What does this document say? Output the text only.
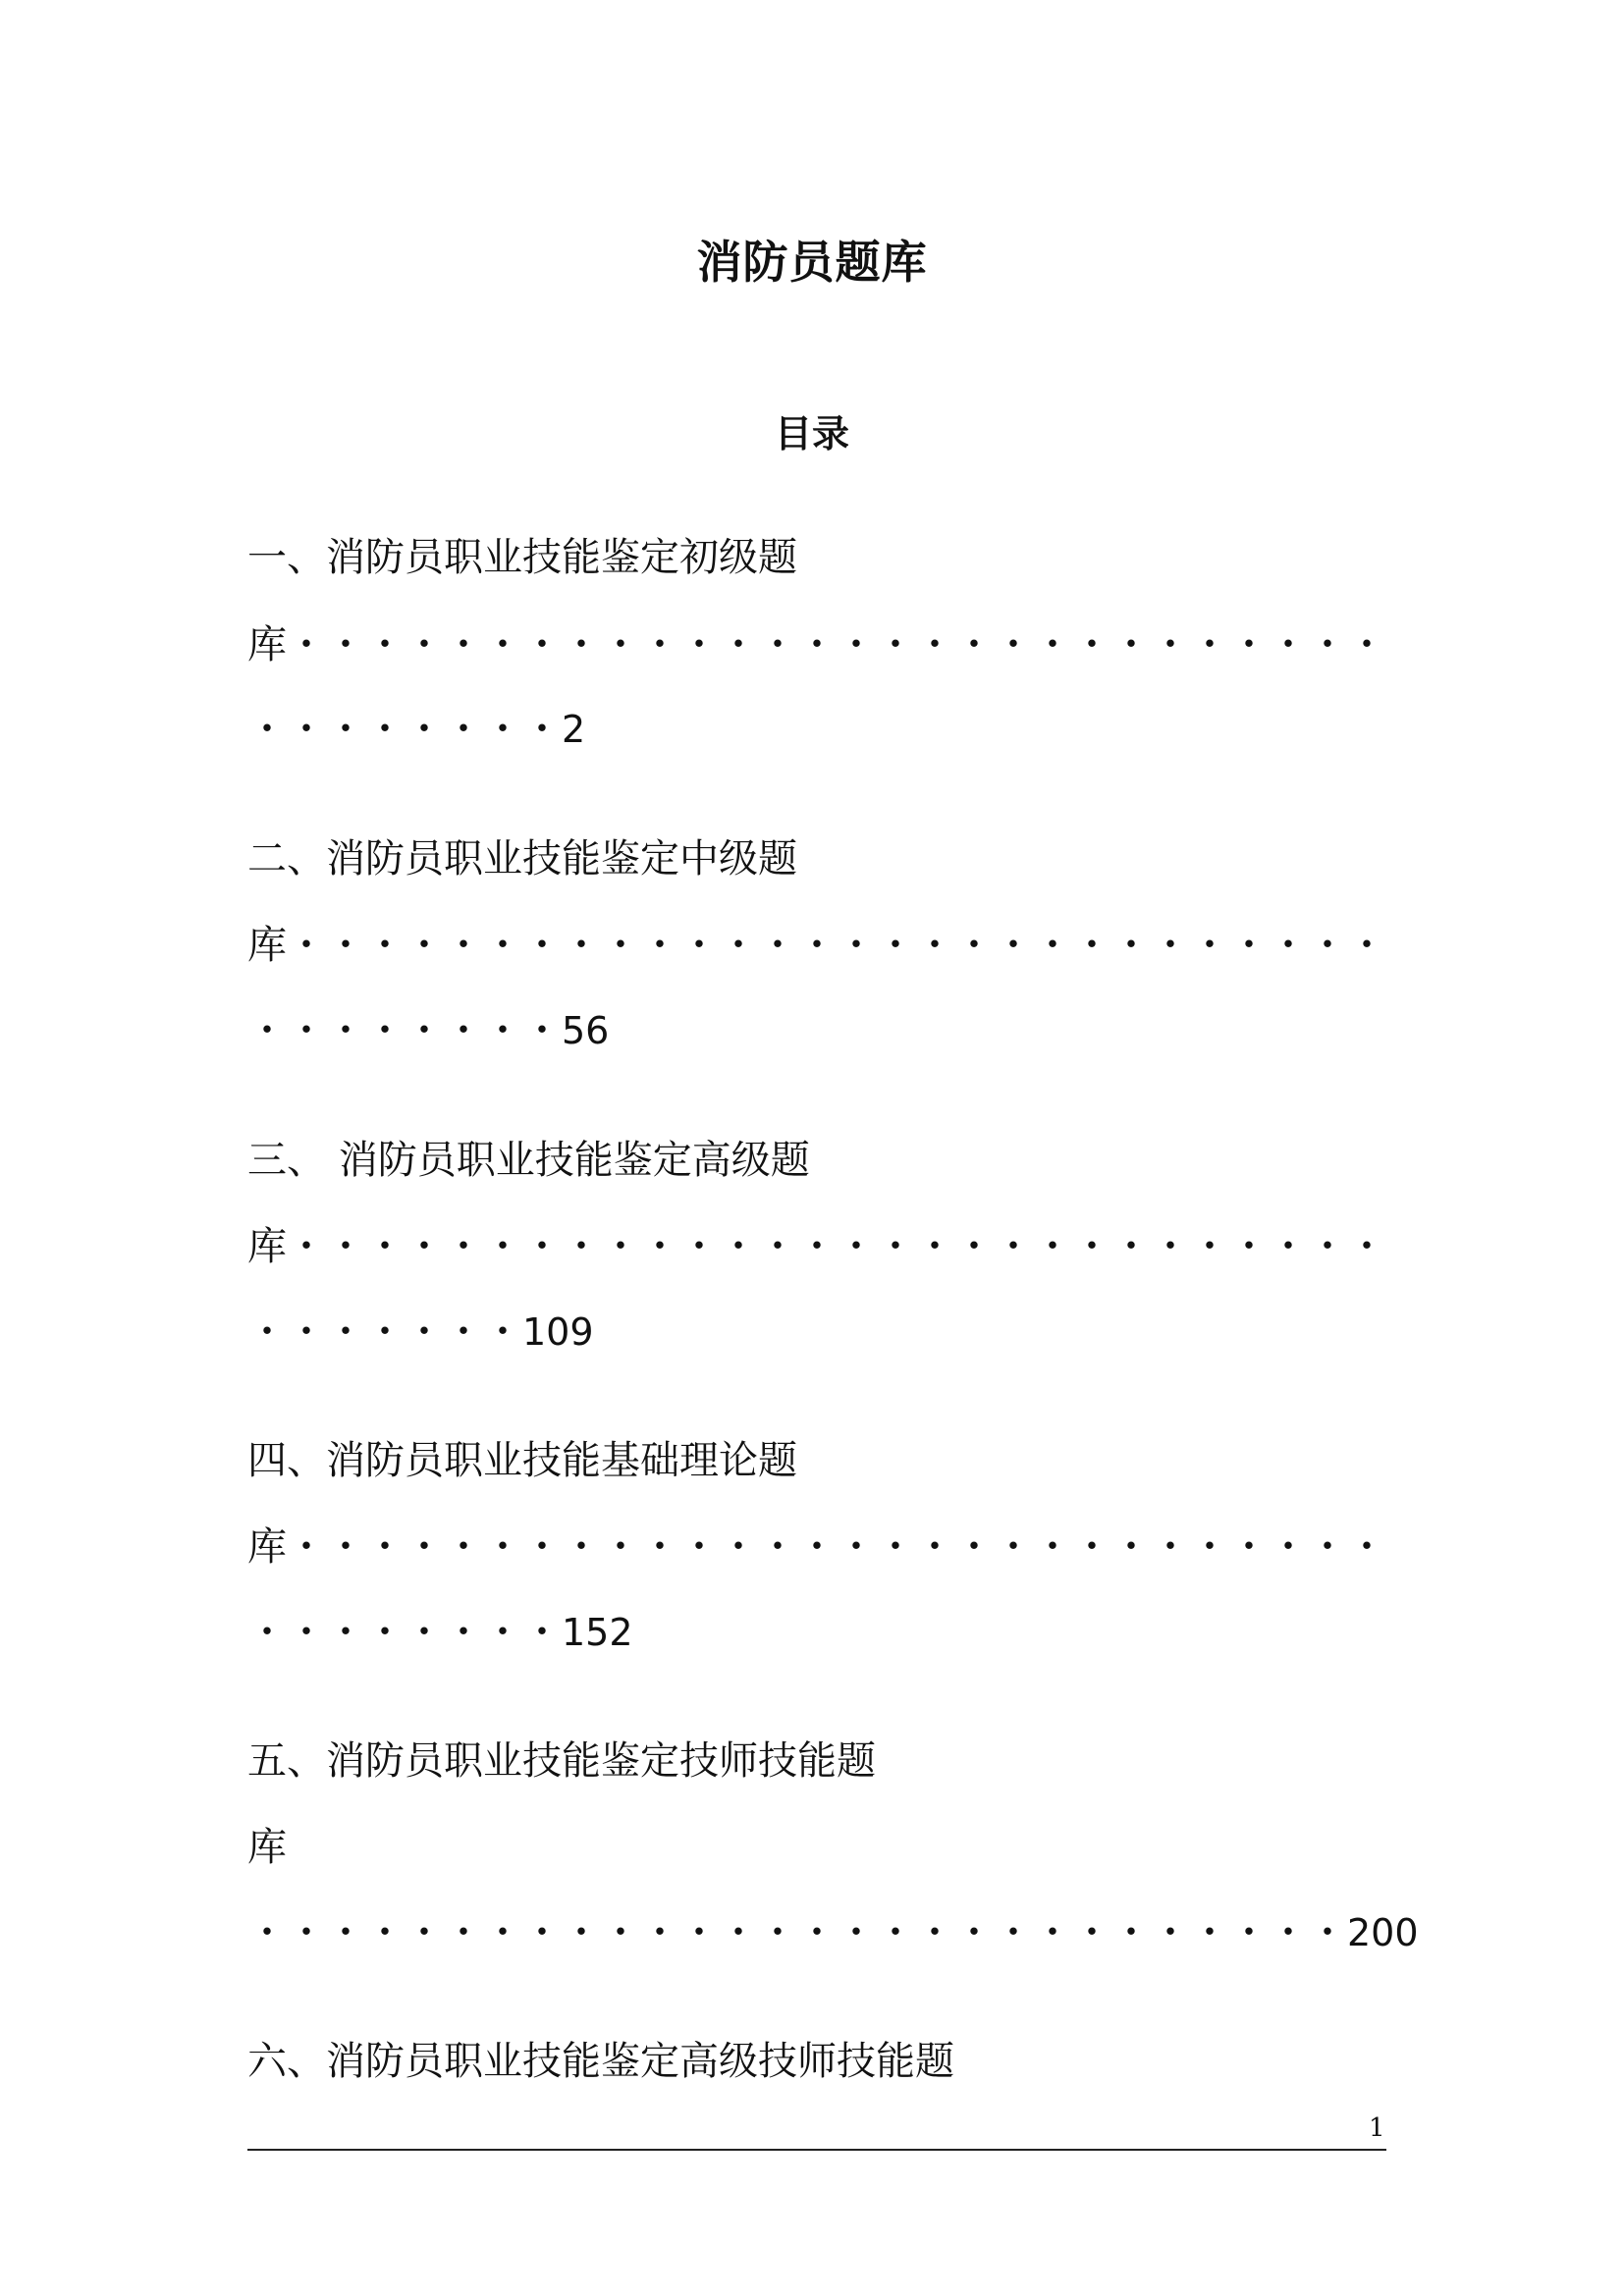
消防员题库
目录
一、消防员职业技能鉴定初级题
库・・・・・・・・・・・・・・・・・・・・・・・・・・・・
・・・・・・・・2
二、消防员职业技能鉴定中级题
库・・・・・・・・・・・・・・・・・・・・・・・・・・・・
・・・・・・・・56
三、 消防员职业技能鉴定高级题
库・・・・・・・・・・・・・・・・・・・・・・・・・・・・
・・・・・・・109
四、消防员职业技能基础理论题
库・・・・・・・・・・・・・・・・・・・・・・・・・・・・
・・・・・・・・152
五、消防员职业技能鉴定技师技能题
库
・・・・・・・・・・・・・・・・・・・・・・・・・・・・200
六、消防员职业技能鉴定高级技师技能题
1
